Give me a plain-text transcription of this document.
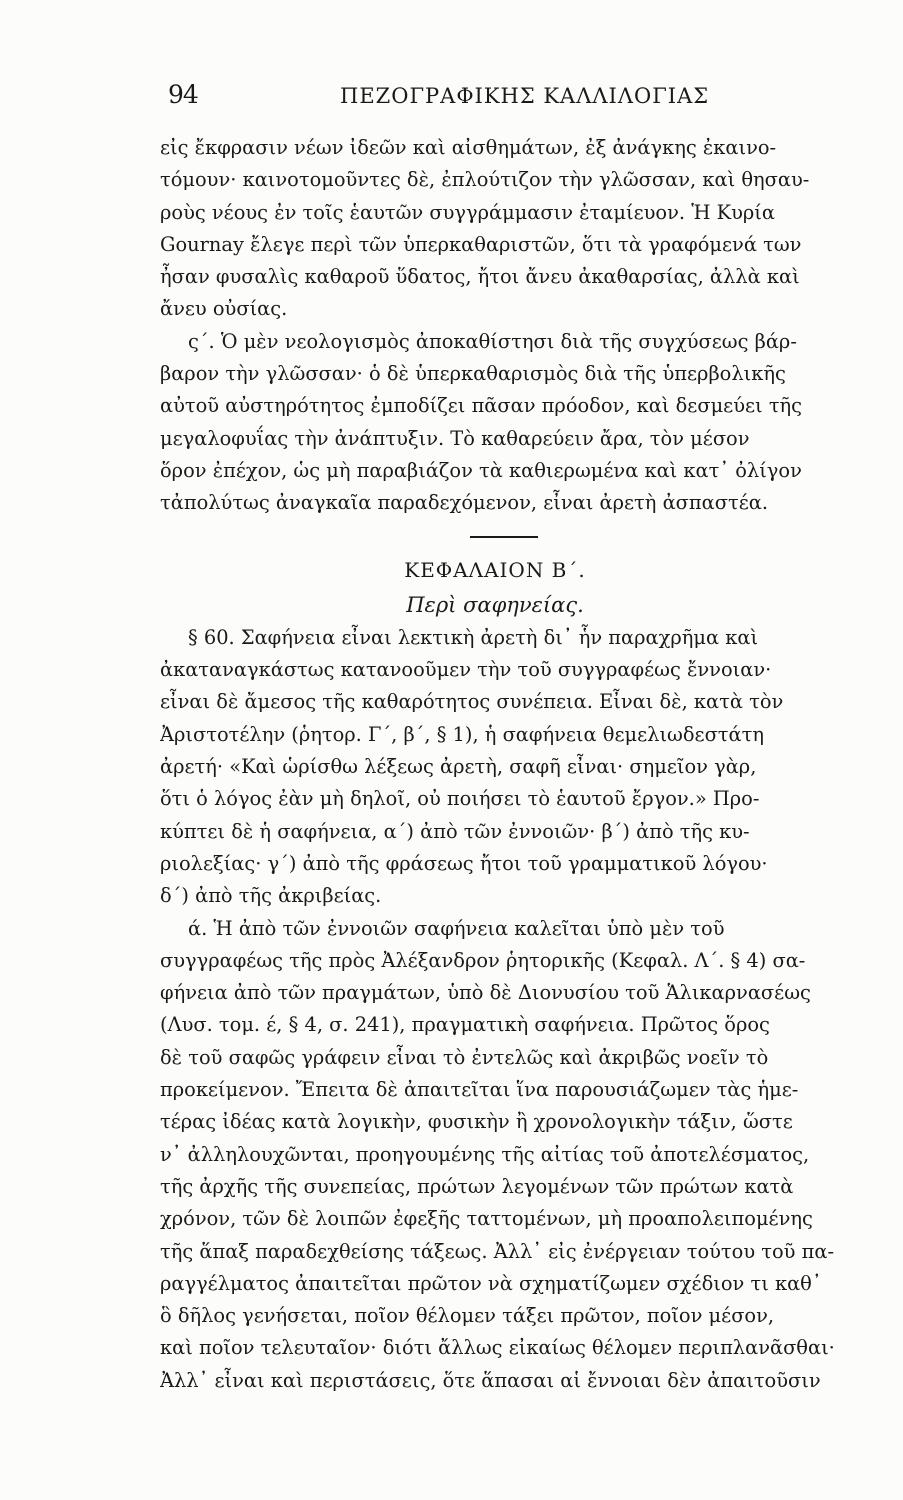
94	ΠΕΖΟΓΡΑΦΙΚΗΣ ΚΑΛΛΙΛΟΓΙΑΣ
εἰς ἔκφρασιν νέων ἰδεῶν καὶ αἰσθημάτων, ἐξ ἀνάγκης ἐκαινο-
τόμουν· καινοτομοῦντες δὲ, ἐπλούτιζον τὴν γλῶσσαν, καὶ θησαυ-
ροὺς νέους ἐν τοῖς ἑαυτῶν συγγράμμασιν ἐταμίευον. Ἡ Κυρία
Gournay ἔλεγε περὶ τῶν ὑπερκαθαριστῶν, ὅτι τὰ γραφόμενά των
ἦσαν φυσαλὶς καθαροῦ ὕδατος, ἤτοι ἄνευ ἀκαθαρσίας, ἀλλὰ καὶ
ἄνευ οὐσίας.
ς΄. Ὁ μὲν νεολογισμὸς ἀποκαθίστησι διὰ τῆς συγχύσεως βάρ-
βαρον τὴν γλῶσσαν· ὁ δὲ ὑπερκαθαρισμὸς διὰ τῆς ὑπερβολικῆς
αὐτοῦ αὐστηρότητος ἐμποδίζει πᾶσαν πρόοδον, καὶ δεσμεύει τῆς
μεγαλοφυΐας τὴν ἀνάπτυξιν. Τὸ καθαρεύειν ἄρα, τὸν μέσον
ὅρον ἐπέχον, ὡς μὴ παραβιάζον τὰ καθιερωμένα καὶ κατ᾽ ὀλίγον
τἀπολύτως ἀναγκαῖα παραδεχόμενον, εἶναι ἀρετὴ ἀσπαστέα.
ΚΕΦΑΛΑΙΟΝ Β΄.
Περὶ σαφηνείας.
§ 60. Σαφήνεια εἶναι λεκτικὴ ἀρετὴ δι᾽ ἧν παραχρῆμα καὶ
ἀκαταναγκάστως κατανοοῦμεν τὴν τοῦ συγγραφέως ἔννοιαν·
εἶναι δὲ ἄμεσος τῆς καθαρότητος συνέπεια. Εἶναι δὲ, κατὰ τὸν
Ἀριστοτέλην (ῥητορ. Γ΄, β΄, § 1), ἡ σαφήνεια θεμελιωδεστάτη
ἀρετή· «Καὶ ὡρίσθω λέξεως ἀρετὴ, σαφῆ εἶναι· σημεῖον γὰρ,
ὅτι ὁ λόγος ἐὰν μὴ δηλοῖ, οὐ ποιήσει τὸ ἑαυτοῦ ἔργον.» Προ-
κύπτει δὲ ἡ σαφήνεια, α΄) ἀπὸ τῶν ἐννοιῶν· β΄) ἀπὸ τῆς κυ-
ριολεξίας· γ΄) ἀπὸ τῆς φράσεως ἤτοι τοῦ γραμματικοῦ λόγου·
δ΄) ἀπὸ τῆς ἀκριβείας.
ά. Ἡ ἀπὸ τῶν ἐννοιῶν σαφήνεια καλεῖται ὑπὸ μὲν τοῦ
συγγραφέως τῆς πρὸς Ἀλέξανδρον ῥητορικῆς (Κεφαλ. Λ΄. § 4) σα-
φήνεια ἀπὸ τῶν πραγμάτων, ὑπὸ δὲ Διονυσίου τοῦ Ἁλικαρνασέως
(Λυσ. τομ. έ, § 4, σ. 241), πραγματικὴ σαφήνεια. Πρῶτος ὅρος
δὲ τοῦ σαφῶς γράφειν εἶναι τὸ ἐντελῶς καὶ ἀκριβῶς νοεῖν τὸ
προκείμενον. Ἔπειτα δὲ ἀπαιτεῖται ἵνα παρουσιάζωμεν τὰς ἡμε-
τέρας ἰδέας κατὰ λογικὴν, φυσικὴν ἢ χρονολογικὴν τάξιν, ὥστε
ν᾽ ἀλληλουχῶνται, προηγουμένης τῆς αἰτίας τοῦ ἀποτελέσματος,
τῆς ἀρχῆς τῆς συνεπείας, πρώτων λεγομένων τῶν πρώτων κατὰ
χρόνον, τῶν δὲ λοιπῶν ἐφεξῆς ταττομένων, μὴ προαπολειπομένης
τῆς ἅπαξ παραδεχθείσης τάξεως. Ἀλλ᾽ εἰς ἐνέργειαν τούτου τοῦ πα-
ραγγέλματος ἀπαιτεῖται πρῶτον νὰ σχηματίζωμεν σχέδιον τι καθ᾽
ὃ δῆλος γενήσεται, ποῖον θέλομεν τάξει πρῶτον, ποῖον μέσον,
καὶ ποῖον τελευταῖον· διότι ἄλλως εἰκαίως θέλομεν περιπλανᾶσθαι·
Ἀλλ᾽ εἶναι καὶ περιστάσεις, ὅτε ἅπασαι αἱ ἔννοιαι δὲν ἀπαιτοῦσιν
